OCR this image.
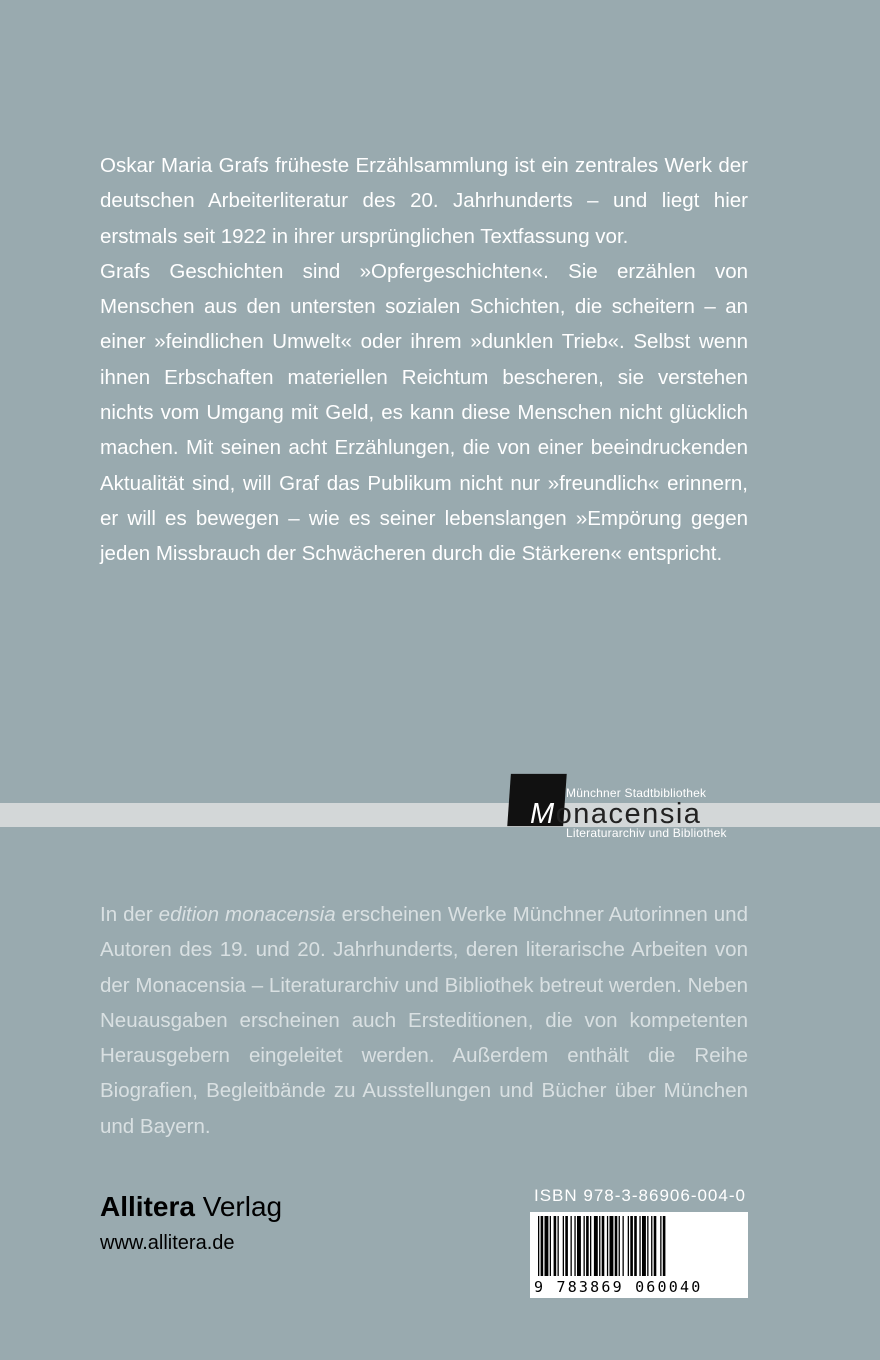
Oskar Maria Grafs früheste Erzählsammlung ist ein zentrales Werk der deutschen Arbeiterliteratur des 20. Jahrhunderts – und liegt hier erstmals seit 1922 in ihrer ursprünglichen Textfassung vor.

Grafs Geschichten sind »Opfergeschichten«. Sie erzählen von Menschen aus den untersten sozialen Schichten, die scheitern – an einer »feindlichen Umwelt« oder ihrem »dunklen Trieb«. Selbst wenn ihnen Erbschaften materiellen Reichtum bescheren, sie verstehen nichts vom Umgang mit Geld, es kann diese Menschen nicht glücklich machen. Mit seinen acht Erzählungen, die von einer beeindruckenden Aktualität sind, will Graf das Publikum nicht nur »freundlich« erinnern, er will es bewegen – wie es seiner lebenslangen »Empörung gegen jeden Missbrauch der Schwächeren durch die Stärkeren« entspricht.

Münchner Stadtbibliothek
Monacensia
Literaturarchiv und Bibliothek

In der edition monacensia erscheinen Werke Münchner Autorinnen und Autoren des 19. und 20. Jahrhunderts, deren literarische Arbeiten von der Monacensia – Literaturarchiv und Bibliothek betreut werden. Neben Neuausgaben erscheinen auch Ersteditionen, die von kompetenten Herausgebern eingeleitet werden. Außerdem enthält die Reihe Biografien, Begleitbände zu Ausstellungen und Bücher über München und Bayern.

Allitera Verlag
www.allitera.de
ISBN 978-3-86906-004-0
9 783869 060040
